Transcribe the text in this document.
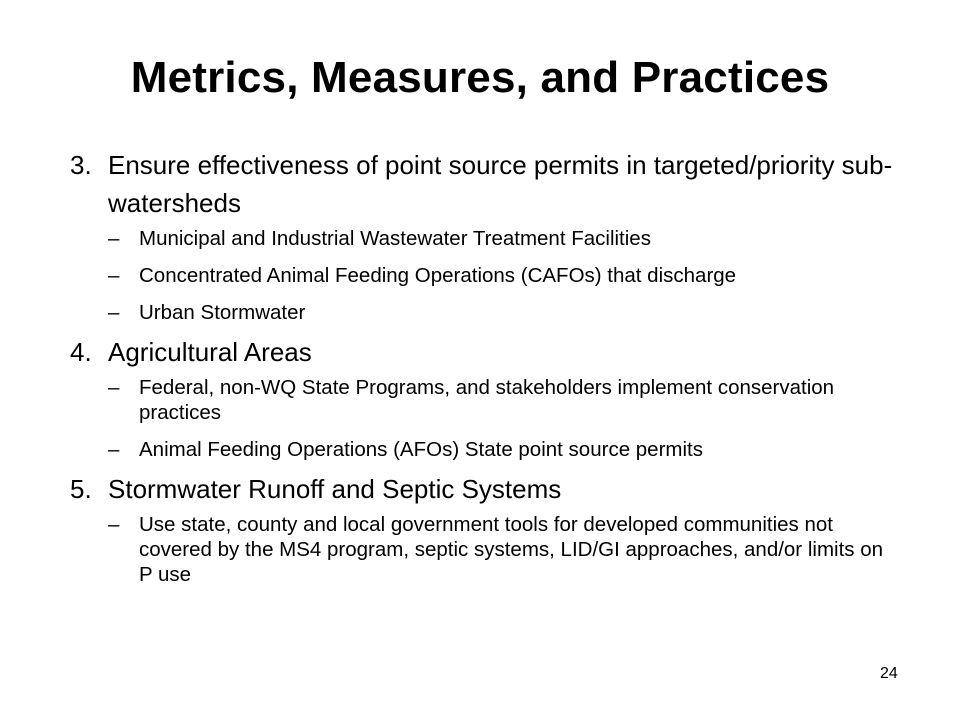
Metrics, Measures, and Practices
3. Ensure effectiveness of point source permits in targeted/priority sub-watersheds
– Municipal and Industrial Wastewater Treatment Facilities
– Concentrated Animal Feeding Operations (CAFOs) that discharge
– Urban Stormwater
4. Agricultural Areas
– Federal, non-WQ State Programs, and stakeholders implement conservation practices
– Animal Feeding Operations (AFOs) State point source permits
5. Stormwater Runoff and Septic Systems
– Use state, county and local government tools for developed communities not covered by the MS4 program, septic systems, LID/GI approaches, and/or limits on P use
24
